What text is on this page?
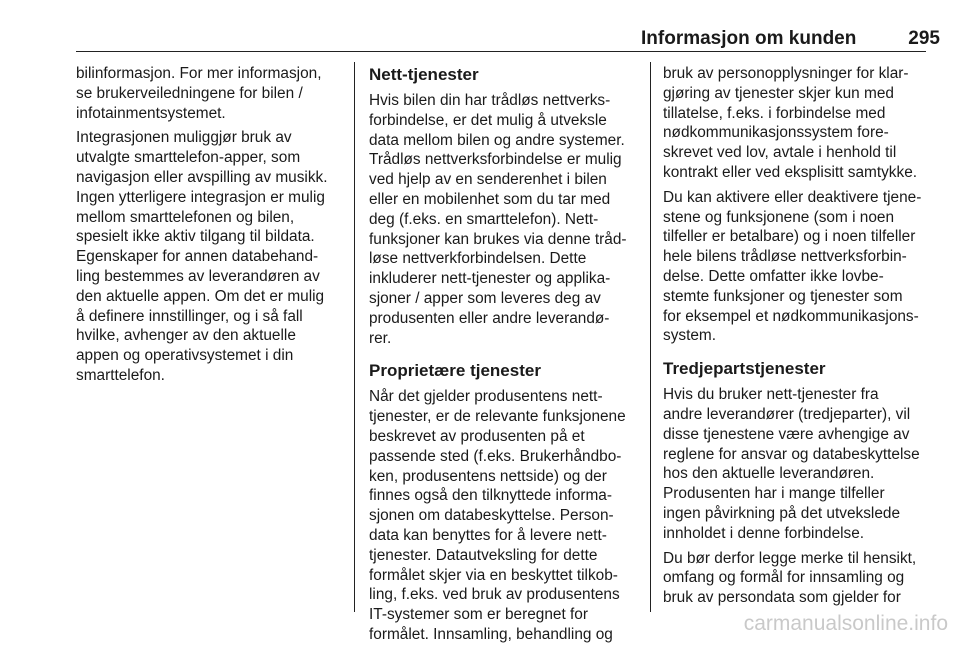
Informasjon om kunden	295

bilinformasjon. For mer informasjon,
se brukerveiledningene for bilen /
infotainmentsystemet.

Integrasjonen muliggjør bruk av
utvalgte smarttelefon-apper, som
navigasjon eller avspilling av musikk.
Ingen ytterligere integrasjon er mulig
mellom smarttelefonen og bilen,
spesielt ikke aktiv tilgang til bildata.
Egenskaper for annen databehand-
ling bestemmes av leverandøren av
den aktuelle appen. Om det er mulig
å definere innstillinger, og i så fall
hvilke, avhenger av den aktuelle
appen og operativsystemet i din
smarttelefon.

Nett-tjenester

Hvis bilen din har trådløs nettverks-
forbindelse, er det mulig å utveksle
data mellom bilen og andre systemer.
Trådløs nettverksforbindelse er mulig
ved hjelp av en senderenhet i bilen
eller en mobilenhet som du tar med
deg (f.eks. en smarttelefon). Nett-
funksjoner kan brukes via denne tråd-
løse nettverkforbindelsen. Dette
inkluderer nett-tjenester og applika-
sjoner / apper som leveres deg av
produsenten eller andre leverandø-
rer.

Proprietære tjenester

Når det gjelder produsentens nett-
tjenester, er de relevante funksjonene
beskrevet av produsenten på et
passende sted (f.eks. Brukerhåndbo-
ken, produsentens nettside) og der
finnes også den tilknyttede informa-
sjonen om databeskyttelse. Person-
data kan benyttes for å levere nett-
tjenester. Datautveksling for dette
formålet skjer via en beskyttet tilkob-
ling, f.eks. ved bruk av produsentens
IT-systemer som er beregnet for
formålet. Innsamling, behandling og

bruk av personopplysninger for klar-
gjøring av tjenester skjer kun med
tillatelse, f.eks. i forbindelse med
nødkommunikasjonssystem fore-
skrevet ved lov, avtale i henhold til
kontrakt eller ved eksplisitt samtykke.

Du kan aktivere eller deaktivere tjene-
stene og funksjonene (som i noen
tilfeller er betalbare) og i noen tilfeller
hele bilens trådløse nettverksforbin-
delse. Dette omfatter ikke lovbe-
stemte funksjoner og tjenester som
for eksempel et nødkommunikasjons-
system.

Tredjepartstjenester

Hvis du bruker nett-tjenester fra
andre leverandører (tredjeparter), vil
disse tjenestene være avhengige av
reglene for ansvar og databeskyttelse
hos den aktuelle leverandøren.
Produsenten har i mange tilfeller
ingen påvirkning på det utvekslede
innholdet i denne forbindelse.

Du bør derfor legge merke til hensikt,
omfang og formål for innsamling og
bruk av persondata som gjelder for

carmanualsonline.info
